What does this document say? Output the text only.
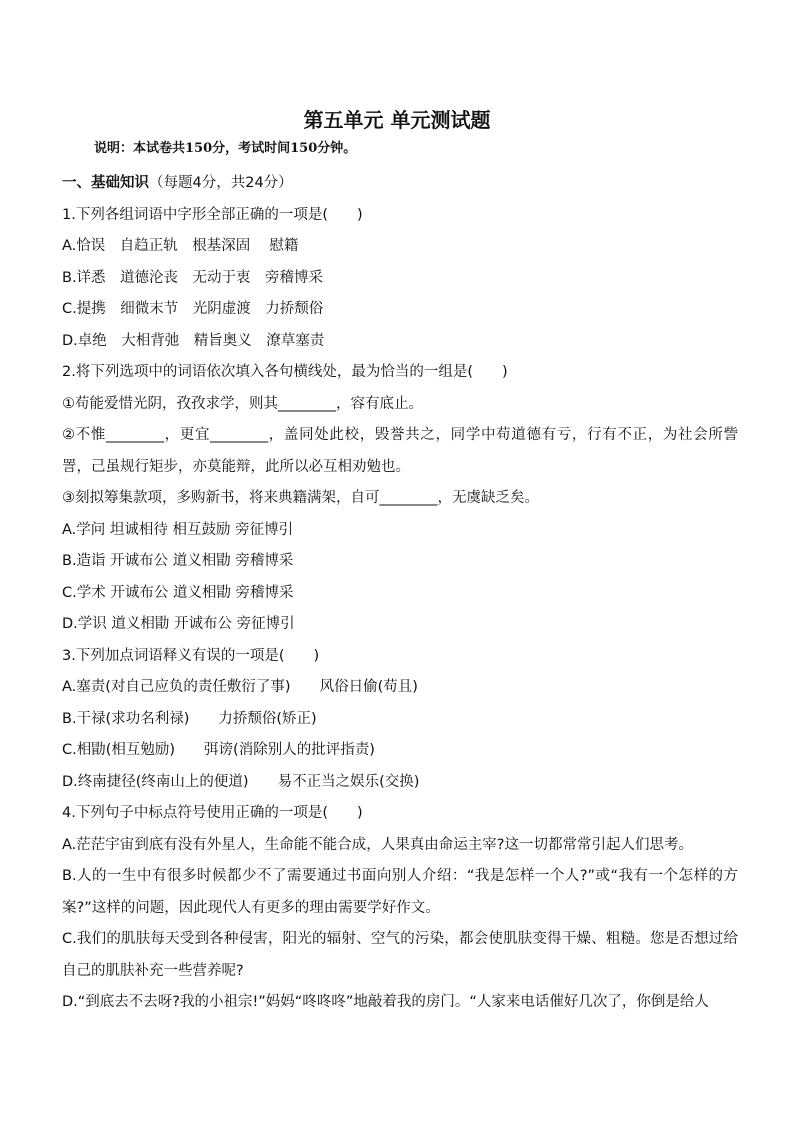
第五单元 单元测试题
说明：本试卷共150分，考试时间150分钟。

一、基础知识（每题4分，共24分）

1.下列各组词语中字形全部正确的一项是(　　)

A.恰误　自趋正轨　根基深固　 慰籍

B.详悉　道德沦丧　无动于衷　旁稽博采

C.提携　细微末节　光阴虚渡　力挢颓俗

D.卓绝　大相背弛　精旨奥义　潦草塞责

2.将下列选项中的词语依次填入各句横线处，最为恰当的一组是(　　)

①苟能爱惜光阴，孜孜求学，则其________，容有底止。

②不惟________，更宜________，盖同处此校，毁誉共之，同学中苟道德有亏，行有不正，为社会所訾詈，己虽规行矩步，亦莫能辩，此所以必互相劝勉也。

③刻拟筹集款项，多购新书，将来典籍满架，自可________，无虞缺乏矣。

A.学问 坦诚相待 相互鼓励 旁征博引

B.造诣 开诚布公 道义相勖 旁稽博采

C.学术 开诚布公 道义相勖 旁稽博采

D.学识 道义相勖 开诚布公 旁征博引

3.下列加点词语释义有误的一项是(　　)

A.塞责(对自己应负的责任敷衍了事)　　风俗日偷(苟且)

B.干禄(求功名利禄)　　力挢颓俗(矫正)

C.相勖(相互勉励)　　弭谤(消除别人的批评指责)

D.终南捷径(终南山上的便道)　　易不正当之娱乐(交换)

4.下列句子中标点符号使用正确的一项是(　　)

A.茫茫宇宙到底有没有外星人，生命能不能合成，人果真由命运主宰?这一切都常常引起人们思考。

B.人的一生中有很多时候都少不了需要通过书面向别人介绍：“我是怎样一个人?”或“我有一个怎样的方案?”这样的问题，因此现代人有更多的理由需要学好作文。

C.我们的肌肤每天受到各种侵害，阳光的辐射、空气的污染，都会使肌肤变得干燥、粗糙。您是否想过给自己的肌肤补充一些营养呢?

D.“到底去不去呀?我的小祖宗!”妈妈“咚咚咚”地敲着我的房门。“人家来电话催好几次了，你倒是给人
